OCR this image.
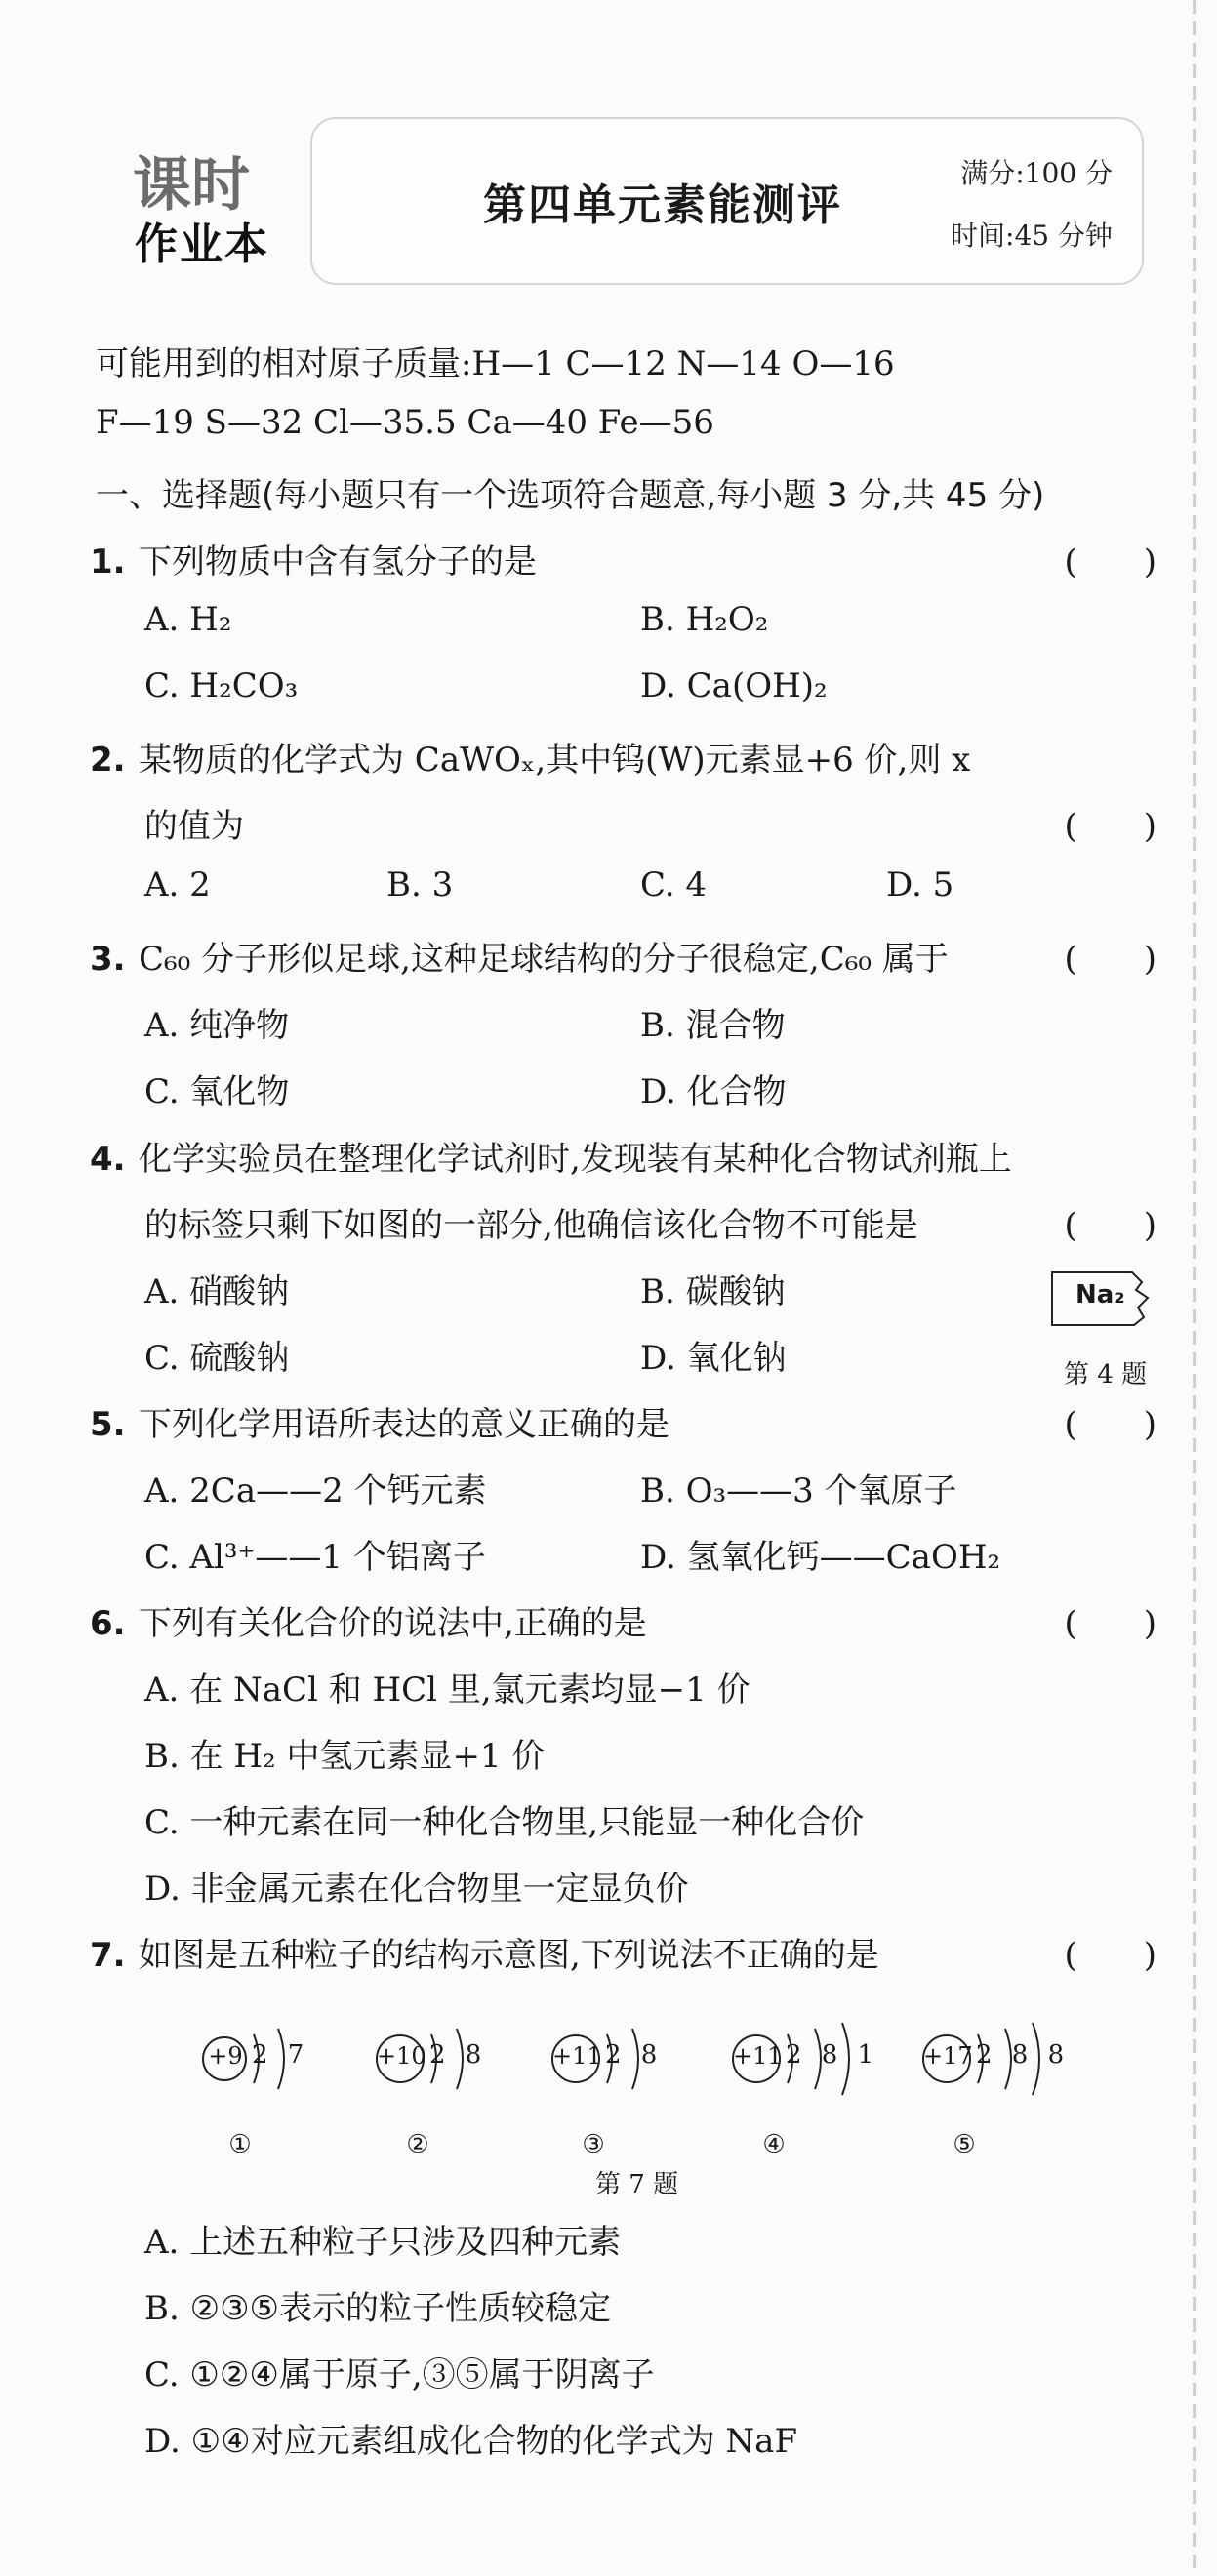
课时
作业本
第四单元素能测评
满分:100 分
时间:45 分钟
可能用到的相对原子质量:H—1 C—12 N—14 O—16
F—19 S—32 Cl—35.5 Ca—40 Fe—56
一、选择题(每小题只有一个选项符合题意,每小题 3 分,共 45 分)
1. 下列物质中含有氢分子的是	(　　)
A. H₂	B. H₂O₂
C. H₂CO₃	D. Ca(OH)₂
2. 某物质的化学式为 CaWOₓ,其中钨(W)元素显+6 价,则 x
的值为	(　　)
A. 2	B. 3	C. 4	D. 5
3. C₆₀ 分子形似足球,这种足球结构的分子很稳定,C₆₀ 属于	(　　)
A. 纯净物	B. 混合物
C. 氧化物	D. 化合物
4. 化学实验员在整理化学试剂时,发现装有某种化合物试剂瓶上
的标签只剩下如图的一部分,他确信该化合物不可能是	(　　)
A. 硝酸钠	B. 碳酸钠
C. 硫酸钠	D. 氧化钠
Na₂
第 4 题
5. 下列化学用语所表达的意义正确的是	(　　)
A. 2Ca——2 个钙元素	B. O₃——3 个氧原子
C. Al³⁺——1 个铝离子	D. 氢氧化钙——CaOH₂
6. 下列有关化合价的说法中,正确的是	(　　)
A. 在 NaCl 和 HCl 里,氯元素均显−1 价
B. 在 H₂ 中氢元素显+1 价
C. 一种元素在同一种化合物里,只能显一种化合价
D. 非金属元素在化合物里一定显负价
7. 如图是五种粒子的结构示意图,下列说法不正确的是	(　　)
+9 2 7
①
+10 2 8
②
+11 2 8
③
+11 2 8 1
④
+17 2 8 8
⑤
第 7 题
A. 上述五种粒子只涉及四种元素
B. ②③⑤表示的粒子性质较稳定
C. ①②④属于原子,③⑤属于阴离子
D. ①④对应元素组成化合物的化学式为 NaF
